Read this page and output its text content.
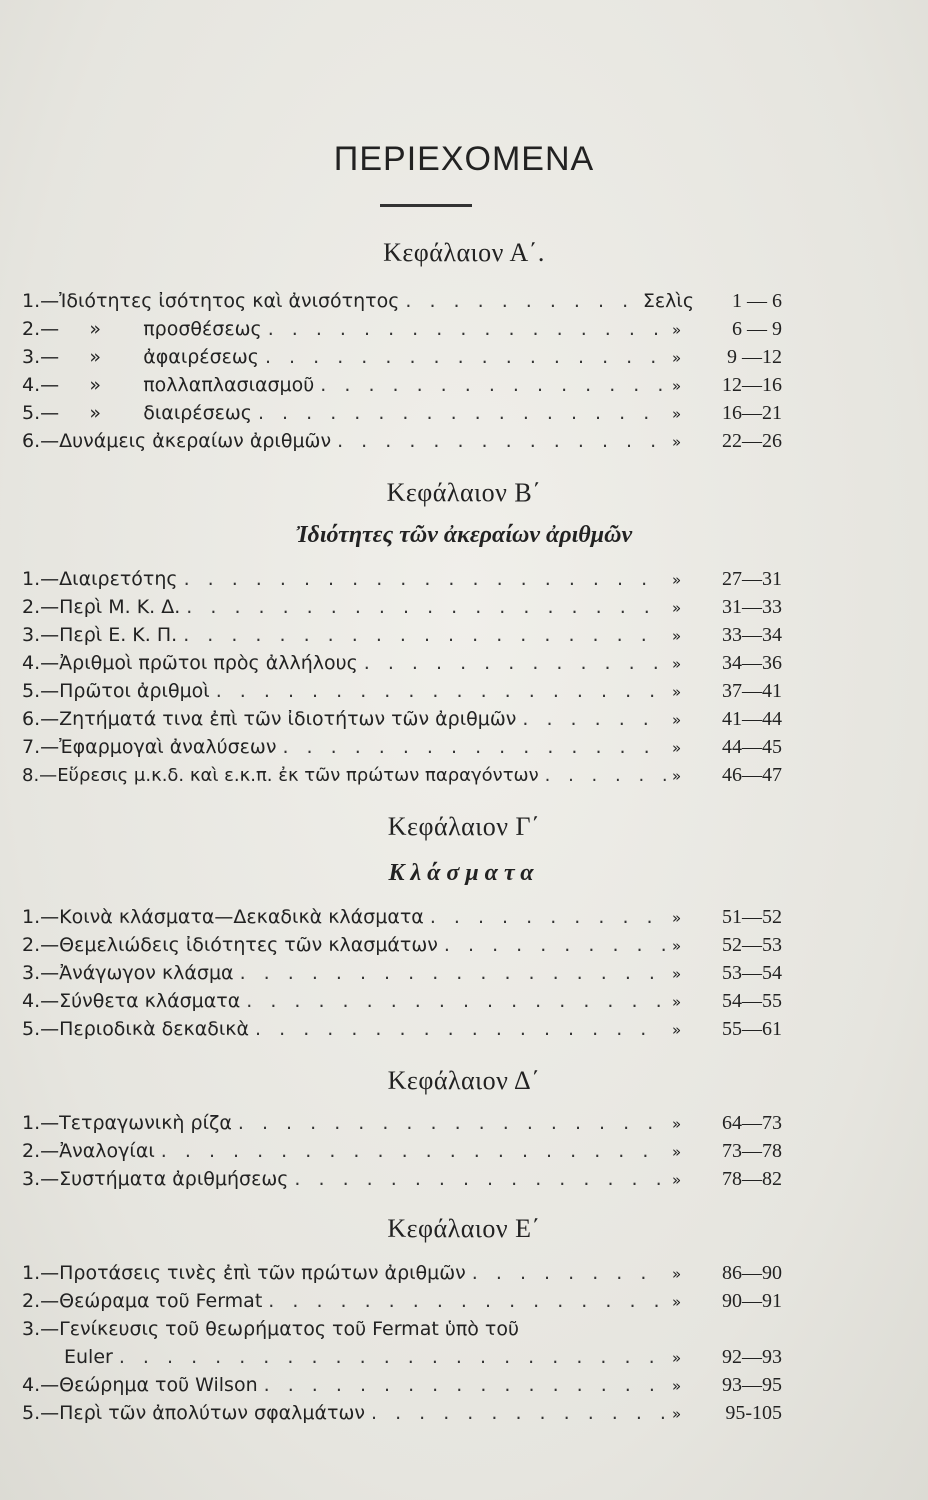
ΠΕΡΙΕΧΟΜΕΝΑ
Κεφάλαιον Α΄.
1.— Ἰδιότητες ἰσότητος καὶ ἀνισότητος . . .	Σελὶς	1 — 6
2.— »       προσθέσεως . . .	»	6 — 9
3.— »       ἀφαιρέσεως . . .	»	9 —12
4.— »       πολλαπλασιασμοῦ . . .	»	12—16
5.— »       διαιρέσεως . . .	»	16—21
6.— Δυνάμεις ἀκεραίων ἀριθμῶν . . .	»	22—26
Κεφάλαιον Β΄
Ἰδιότητες τῶν ἀκεραίων ἀριθμῶν
1.— Διαιρετότης . . .	»	27—31
2.— Περὶ Μ. Κ. Δ. . . .	»	31—33
3.— Περὶ Ε. Κ. Π. . . .	»	33—34
4.— Ἀριθμοὶ πρῶτοι πρὸς ἀλλήλους . . .	»	34—36
5.— Πρῶτοι ἀριθμοὶ . . .	»	37—41
6.— Ζητήματά τινα ἐπὶ τῶν ἰδιοτήτων τῶν ἀριθμῶν . . .	»	41—44
7.— Ἐφαρμογαὶ ἀναλύσεων . . .	»	44—45
8.— Εὕρεσις μ.κ.δ. καὶ ε.κ.π. ἐκ τῶν πρώτων παραγόντων . . .	»	46—47
Κεφάλαιον Γ΄
Κλάσματα
1.— Κοινὰ κλάσματα—Δεκαδικὰ κλάσματα . . .	»	51—52
2.— Θεμελιώδεις ἰδιότητες τῶν κλασμάτων . . .	»	52—53
3.— Ἀνάγωγον κλάσμα . . .	»	53—54
4.— Σύνθετα κλάσματα . . .	»	54—55
5.— Περιοδικὰ δεκαδικὰ . . .	»	55—61
Κεφάλαιον Δ΄
1.— Τετραγωνικὴ ρίζα . . .	»	64—73
2.— Ἀναλογίαι . . .	»	73—78
3.— Συστήματα ἀριθμήσεως . . .	»	78—82
Κεφάλαιον Ε΄
1.— Προτάσεις τινὲς ἐπὶ τῶν πρώτων ἀριθμῶν . . .	»	86—90
2.— Θεώραμα τοῦ Fermat . . .	»	90—91
3.— Γενίκευσις τοῦ θεωρήματος τοῦ Fermat ὑπὸ τοῦ
Euler . . .	»	92—93
4.— Θεώρημα τοῦ Wilson . . .	»	93—95
5.— Περὶ τῶν ἀπολύτων σφαλμάτων . . .	»	95-105
